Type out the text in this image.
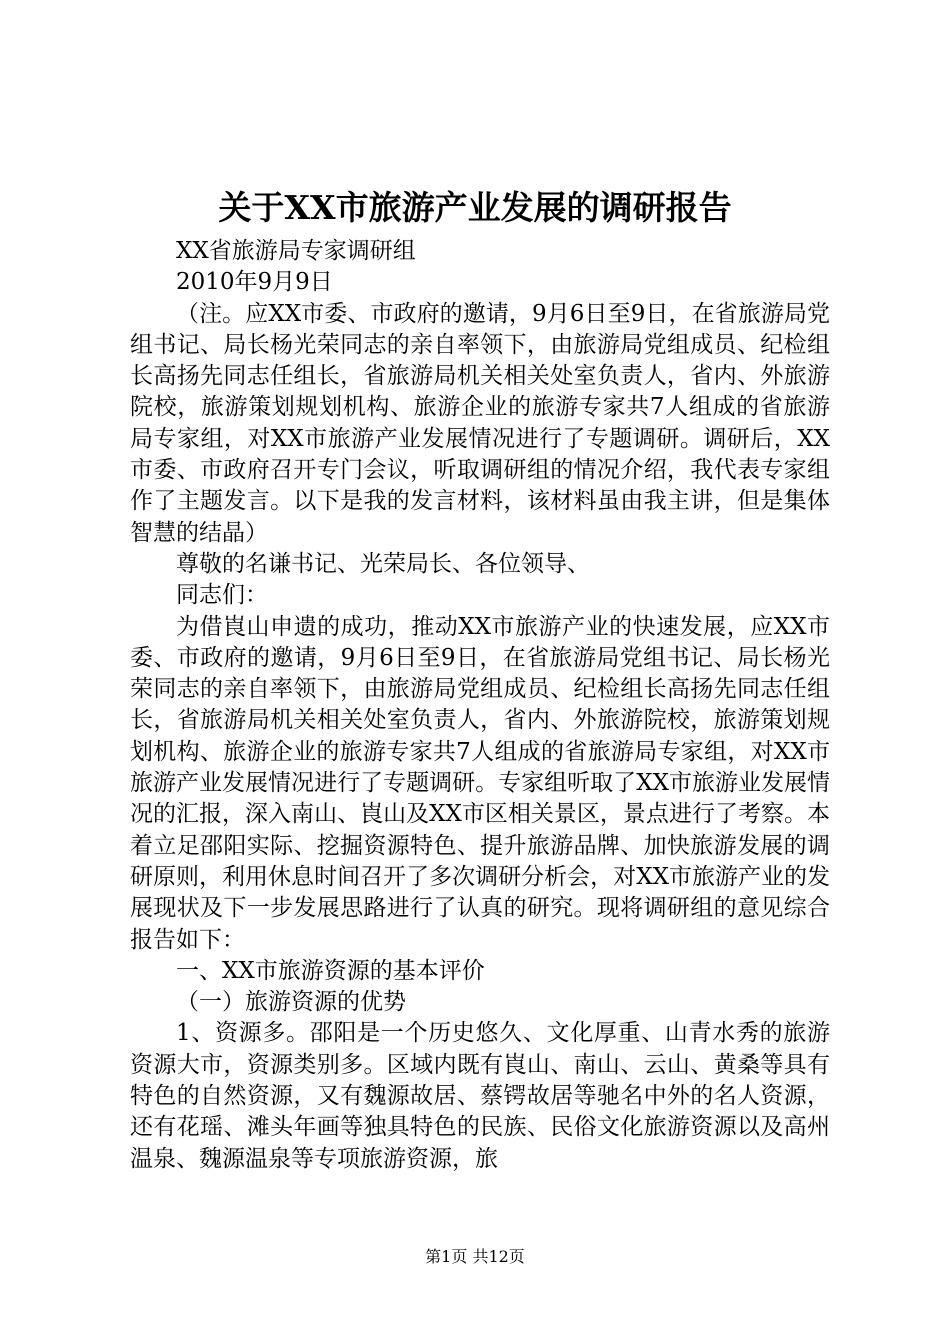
关于XX市旅游产业发展的调研报告

XX省旅游局专家调研组

2010年9月9日

（注。应XX市委、市政府的邀请，9月6日至9日，在省旅游局党组书记、局长杨光荣同志的亲自率领下，由旅游局党组成员、纪检组长高扬先同志任组长，省旅游局机关相关处室负责人，省内、外旅游院校，旅游策划规划机构、旅游企业的旅游专家共7人组成的省旅游局专家组，对XX市旅游产业发展情况进行了专题调研。调研后，XX市委、市政府召开专门会议，听取调研组的情况介绍，我代表专家组作了主题发言。以下是我的发言材料，该材料虽由我主讲，但是集体智慧的结晶）

尊敬的名谦书记、光荣局长、各位领导、

同志们：

为借崀山申遗的成功，推动XX市旅游产业的快速发展，应XX市委、市政府的邀请，9月6日至9日，在省旅游局党组书记、局长杨光荣同志的亲自率领下，由旅游局党组成员、纪检组长高扬先同志任组长，省旅游局机关相关处室负责人，省内、外旅游院校，旅游策划规划机构、旅游企业的旅游专家共7人组成的省旅游局专家组，对XX市旅游产业发展情况进行了专题调研。专家组听取了XX市旅游业发展情况的汇报，深入南山、崀山及XX市区相关景区，景点进行了考察。本着立足邵阳实际、挖掘资源特色、提升旅游品牌、加快旅游发展的调研原则，利用休息时间召开了多次调研分析会，对XX市旅游产业的发展现状及下一步发展思路进行了认真的研究。现将调研组的意见综合报告如下：

一、XX市旅游资源的基本评价

（一）旅游资源的优势

1、资源多。邵阳是一个历史悠久、文化厚重、山青水秀的旅游资源大市，资源类别多。区域内既有崀山、南山、云山、黄桑等具有特色的自然资源，又有魏源故居、蔡锷故居等驰名中外的名人资源，还有花瑶、滩头年画等独具特色的民族、民俗文化旅游资源以及高州温泉、魏源温泉等专项旅游资源，旅

第1页 共12页
